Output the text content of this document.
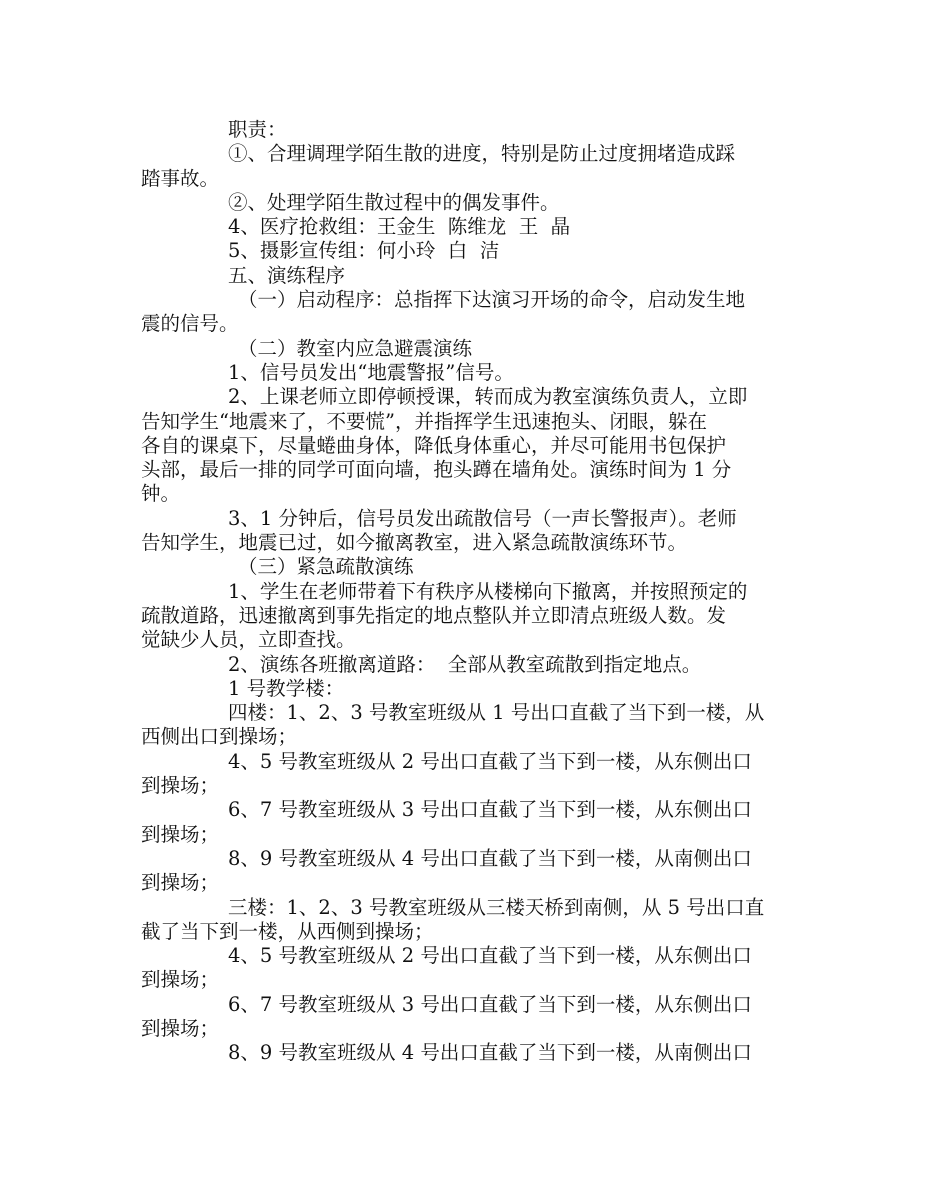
职责：
①、合理调理学陌生散的进度，特别是防止过度拥堵造成踩
踏事故。
②、处理学陌生散过程中的偶发事件。
4、医疗抢救组：王金生  陈维龙  王  晶
5、摄影宣传组：何小玲  白  洁
五、演练程序
（一）启动程序：总指挥下达演习开场的命令，启动发生地
震的信号。
（二）教室内应急避震演练
1、信号员发出“地震警报”信号。
2、上课老师立即停顿授课，转而成为教室演练负责人，立即
告知学生“地震来了，不要慌”，并指挥学生迅速抱头、闭眼，躲在
各自的课桌下，尽量蜷曲身体，降低身体重心，并尽可能用书包保护
头部，最后一排的同学可面向墙，抱头蹲在墙角处。演练时间为 1 分
钟。
3、1 分钟后，信号员发出疏散信号（一声长警报声）。老师
告知学生，地震已过，如今撤离教室，进入紧急疏散演练环节。
（三）紧急疏散演练
1、学生在老师带着下有秩序从楼梯向下撤离，并按照预定的
疏散道路，迅速撤离到事先指定的地点整队并立即清点班级人数。发
觉缺少人员，立即查找。
2、演练各班撤离道路：  全部从教室疏散到指定地点。
1 号教学楼：
四楼：1、2、3 号教室班级从 1 号出口直截了当下到一楼，从
西侧出口到操场；
4、5 号教室班级从 2 号出口直截了当下到一楼，从东侧出口
到操场；
6、7 号教室班级从 3 号出口直截了当下到一楼，从东侧出口
到操场；
8、9 号教室班级从 4 号出口直截了当下到一楼，从南侧出口
到操场；
三楼：1、2、3 号教室班级从三楼天桥到南侧，从 5 号出口直
截了当下到一楼，从西侧到操场；
4、5 号教室班级从 2 号出口直截了当下到一楼，从东侧出口
到操场；
6、7 号教室班级从 3 号出口直截了当下到一楼，从东侧出口
到操场；
8、9 号教室班级从 4 号出口直截了当下到一楼，从南侧出口
